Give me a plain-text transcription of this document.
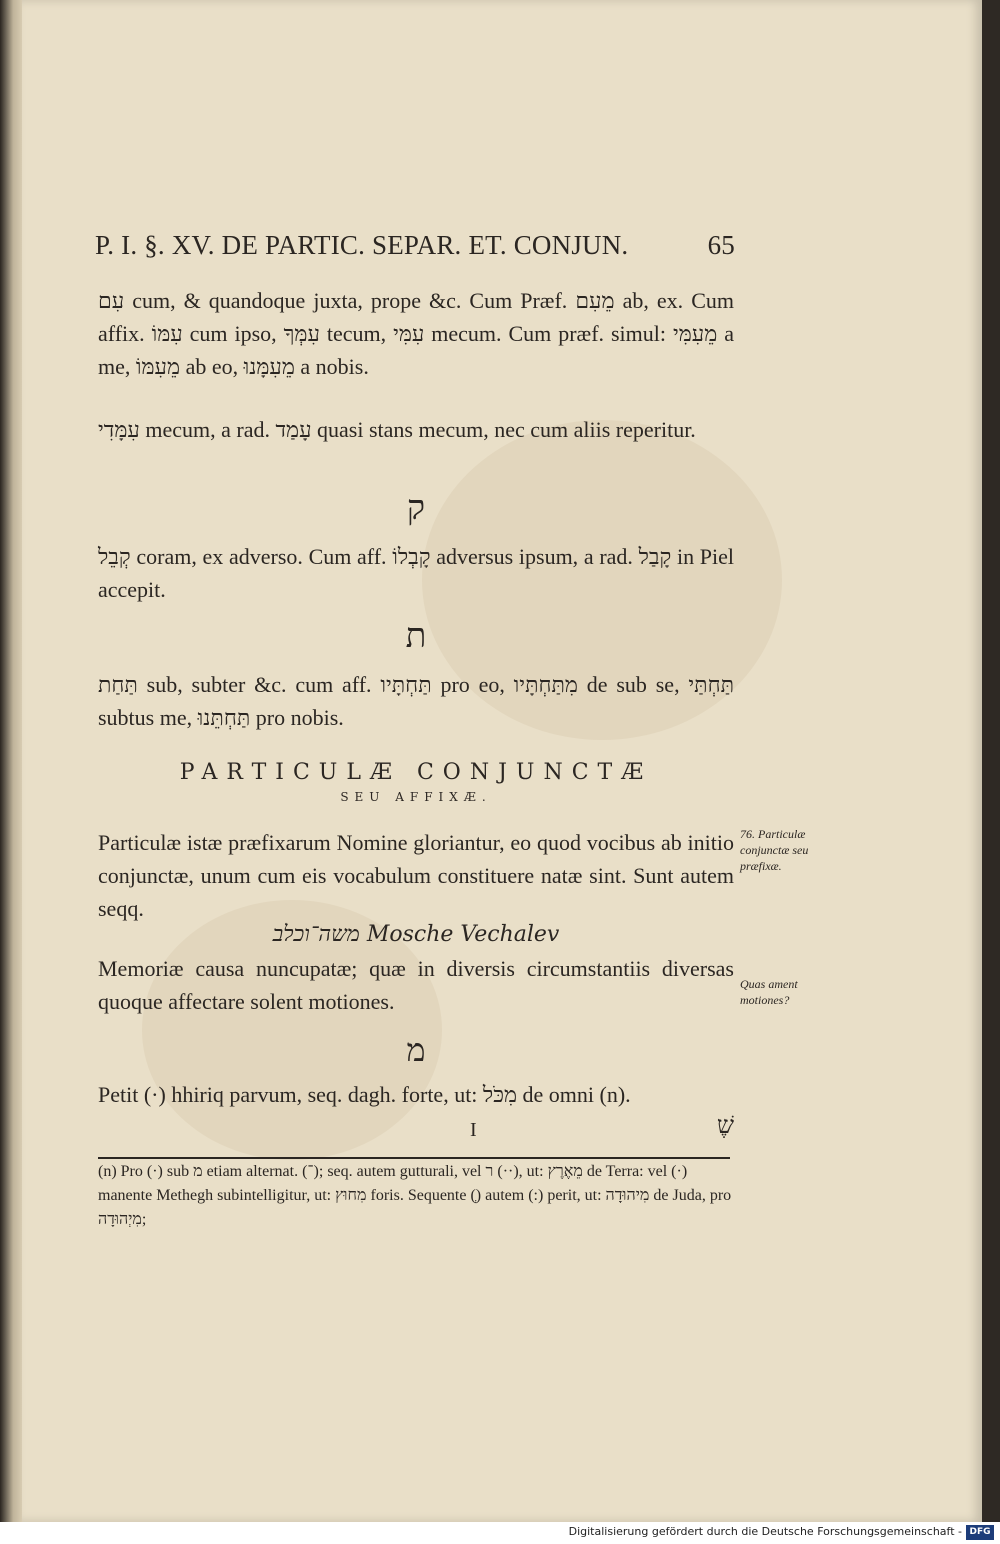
P. I. §. XV. DE PARTIC. SEPAR. ET. CONJUN.	65

עִם cum, & quandoque juxta, prope &c. Cum Præf. מֵעִם ab, ex. Cum affix. עִמּוֹ cum ipso, עִמְּךָ tecum, עִמִּי mecum. Cum præf. simul: מֵעִמִּי a me, מֵעִמּוֹ ab eo, מֵעִמָּנוּ a nobis.

עִמָּדִי mecum, a rad. עָמַד quasi stans mecum, nec cum aliis reperitur.

ק

קְבֵל coram, ex adverso. Cum aff. קָבְלוֹ adversus ipsum, a rad. קָבַל in Piel accepit.

ת

תַּחַת sub, subter &c. cum aff. תַּחְתָּיו pro eo, מִתַּחְתָּיו de sub se, תַּחְתַּי subtus me, תַּחְתֵּנוּ pro nobis.

PARTICULÆ CONJUNCTÆ
SEU AFFIXÆ.

Particulæ istæ præfixarum Nomine gloriantur, eo quod vocibus ab initio conjunctæ, unum cum eis vocabulum constituere natæ sint. Sunt autem seqq.

משה־וכלב Mosche Vechalev

Memoriæ causa nuncupatæ; quæ in diversis circumstantiis diversas quoque affectare solent motiones.

מ

Petit (·) hhiriq parvum, seq. dagh. forte, ut: מִכֹּל de omni (n).

I	שֶׁ
76. Particulæ conjunctæ seu præfixæ.
Quas ament motiones?
(n) Pro (·) sub מ etiam alternat. (־); seq. autem gutturali, vel ר (··), ut: מֵאֶרֶץ de Terra: vel (·) manente Methegh subintelligitur, ut: מִחוּץ foris. Sequente (ְ) autem (:) perit, ut: מִיהוּדָה de Juda, pro מִיְהוּדָה;
Digitalisierung gefördert durch die Deutsche Forschungsgemeinschaft - DFG
